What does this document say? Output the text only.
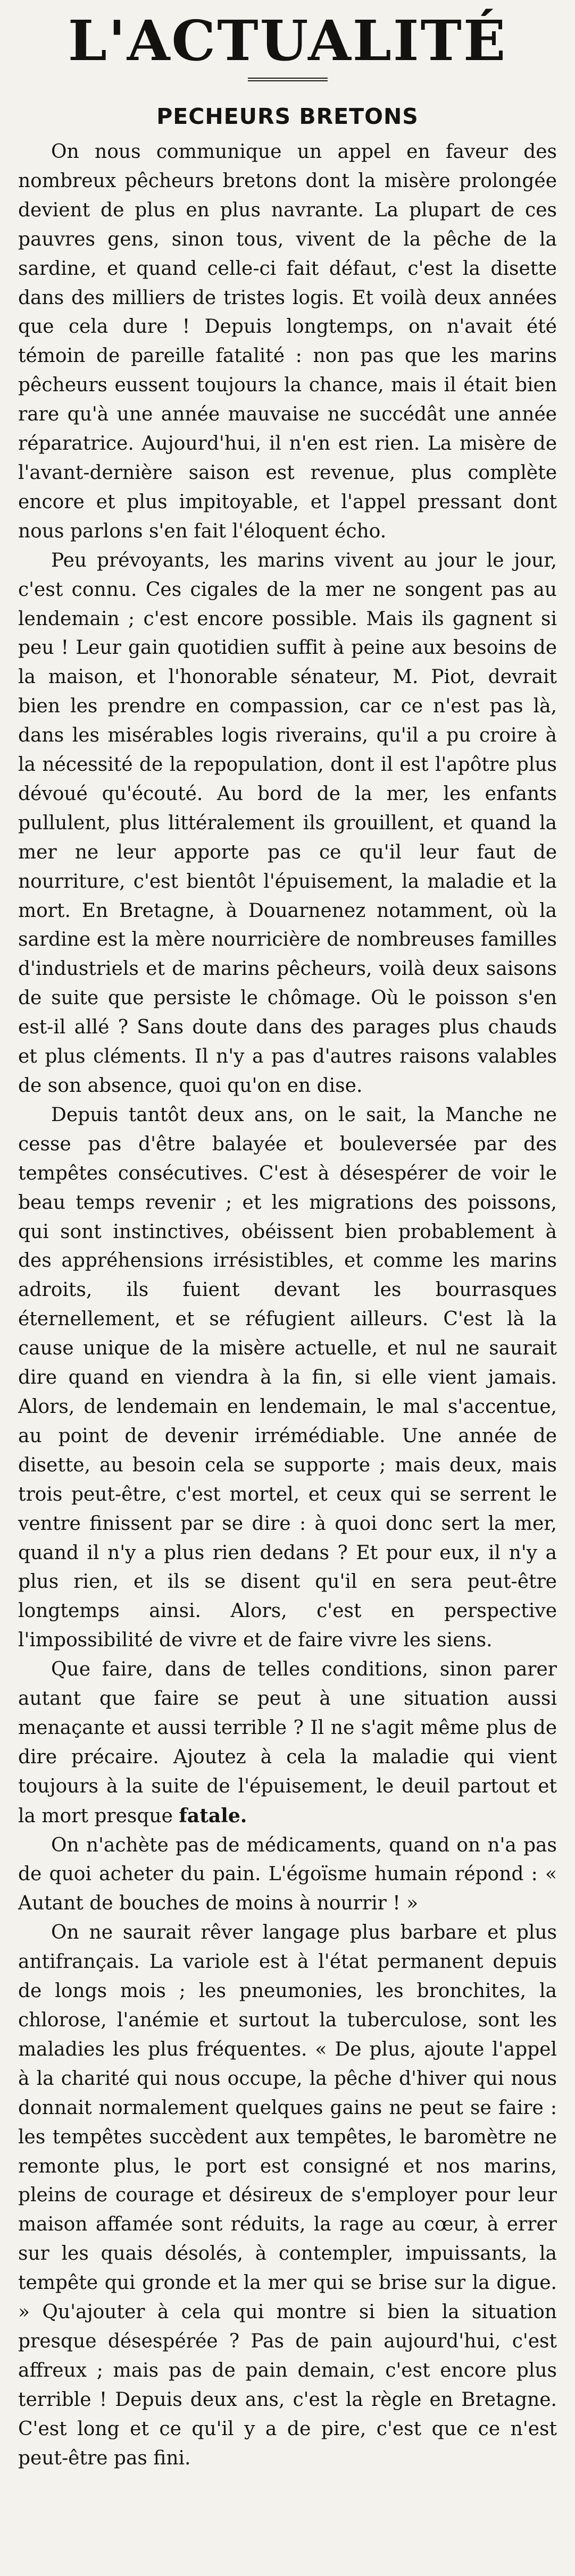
L'ACTUALITÉ
PECHEURS BRETONS

On nous communique un appel en faveur des nombreux pêcheurs bretons dont la misère prolongée devient de plus en plus navrante. La plupart de ces pauvres gens, sinon tous, vivent de la pêche de la sardine, et quand celle-ci fait défaut, c'est la disette dans des milliers de tristes logis. Et voilà deux années que cela dure ! Depuis longtemps, on n'avait été témoin de pareille fatalité : non pas que les marins pêcheurs eussent toujours la chance, mais il était bien rare qu'à une année mauvaise ne succédât une année réparatrice. Aujourd'hui, il n'en est rien. La misère de l'avant-dernière saison est revenue, plus complète encore et plus impitoyable, et l'appel pressant dont nous parlons s'en fait l'éloquent écho.

Peu prévoyants, les marins vivent au jour le jour, c'est connu. Ces cigales de la mer ne songent pas au lendemain ; c'est encore possible. Mais ils gagnent si peu ! Leur gain quotidien suffit à peine aux besoins de la maison, et l'honorable sénateur, M. Piot, devrait bien les prendre en compassion, car ce n'est pas là, dans les misérables logis riverains, qu'il a pu croire à la nécessité de la repopulation, dont il est l'apôtre plus dévoué qu'écouté. Au bord de la mer, les enfants pullulent, plus littéralement ils grouillent, et quand la mer ne leur apporte pas ce qu'il leur faut de nourriture, c'est bientôt l'épuisement, la maladie et la mort. En Bretagne, à Douarnenez notamment, où la sardine est la mère nourricière de nombreuses familles d'industriels et de marins pêcheurs, voilà deux saisons de suite que persiste le chômage. Où le poisson s'en est-il allé ? Sans doute dans des parages plus chauds et plus cléments. Il n'y a pas d'autres raisons valables de son absence, quoi qu'on en dise.

Depuis tantôt deux ans, on le sait, la Manche ne cesse pas d'être balayée et bouleversée par des tempêtes consécutives. C'est à désespérer de voir le beau temps revenir ; et les migrations des poissons, qui sont instinctives, obéissent bien probablement à des appréhensions irrésistibles, et comme les marins adroits, ils fuient devant les bourrasques éternellement, et se réfugient ailleurs. C'est là la cause unique de la misère actuelle, et nul ne saurait dire quand en viendra à la fin, si elle vient jamais. Alors, de lendemain en lendemain, le mal s'accentue, au point de devenir irrémédiable. Une année de disette, au besoin cela se supporte ; mais deux, mais trois peut-être, c'est mortel, et ceux qui se serrent le ventre finissent par se dire : à quoi donc sert la mer, quand il n'y a plus rien dedans ? Et pour eux, il n'y a plus rien, et ils se disent qu'il en sera peut-être longtemps ainsi. Alors, c'est en perspective l'impossibilité de vivre et de faire vivre les siens.

Que faire, dans de telles conditions, sinon parer autant que faire se peut à une situation aussi menaçante et aussi terrible ? Il ne s'agit même plus de dire précaire. Ajoutez à cela la maladie qui vient toujours à la suite de l'épuisement, le deuil partout et la mort presque fatale.

On n'achète pas de médicaments, quand on n'a pas de quoi acheter du pain. L'égoïsme humain répond : « Autant de bouches de moins à nourrir ! »

On ne saurait rêver langage plus barbare et plus antifrançais. La variole est à l'état permanent depuis de longs mois ; les pneumonies, les bronchites, la chlorose, l'anémie et surtout la tuberculose, sont les maladies les plus fréquentes. « De plus, ajoute l'appel à la charité qui nous occupe, la pêche d'hiver qui nous donnait normalement quelques gains ne peut se faire : les tempêtes succèdent aux tempêtes, le baromètre ne remonte plus, le port est consigné et nos marins, pleins de courage et désireux de s'employer pour leur maison affamée sont réduits, la rage au cœur, à errer sur les quais désolés, à contempler, impuissants, la tempête qui gronde et la mer qui se brise sur la digue. » Qu'ajouter à cela qui montre si bien la situation presque désespérée ? Pas de pain aujourd'hui, c'est affreux ; mais pas de pain demain, c'est encore plus terrible ! Depuis deux ans, c'est la règle en Bretagne. C'est long et ce qu'il y a de pire, c'est que ce n'est peut-être pas fini.
